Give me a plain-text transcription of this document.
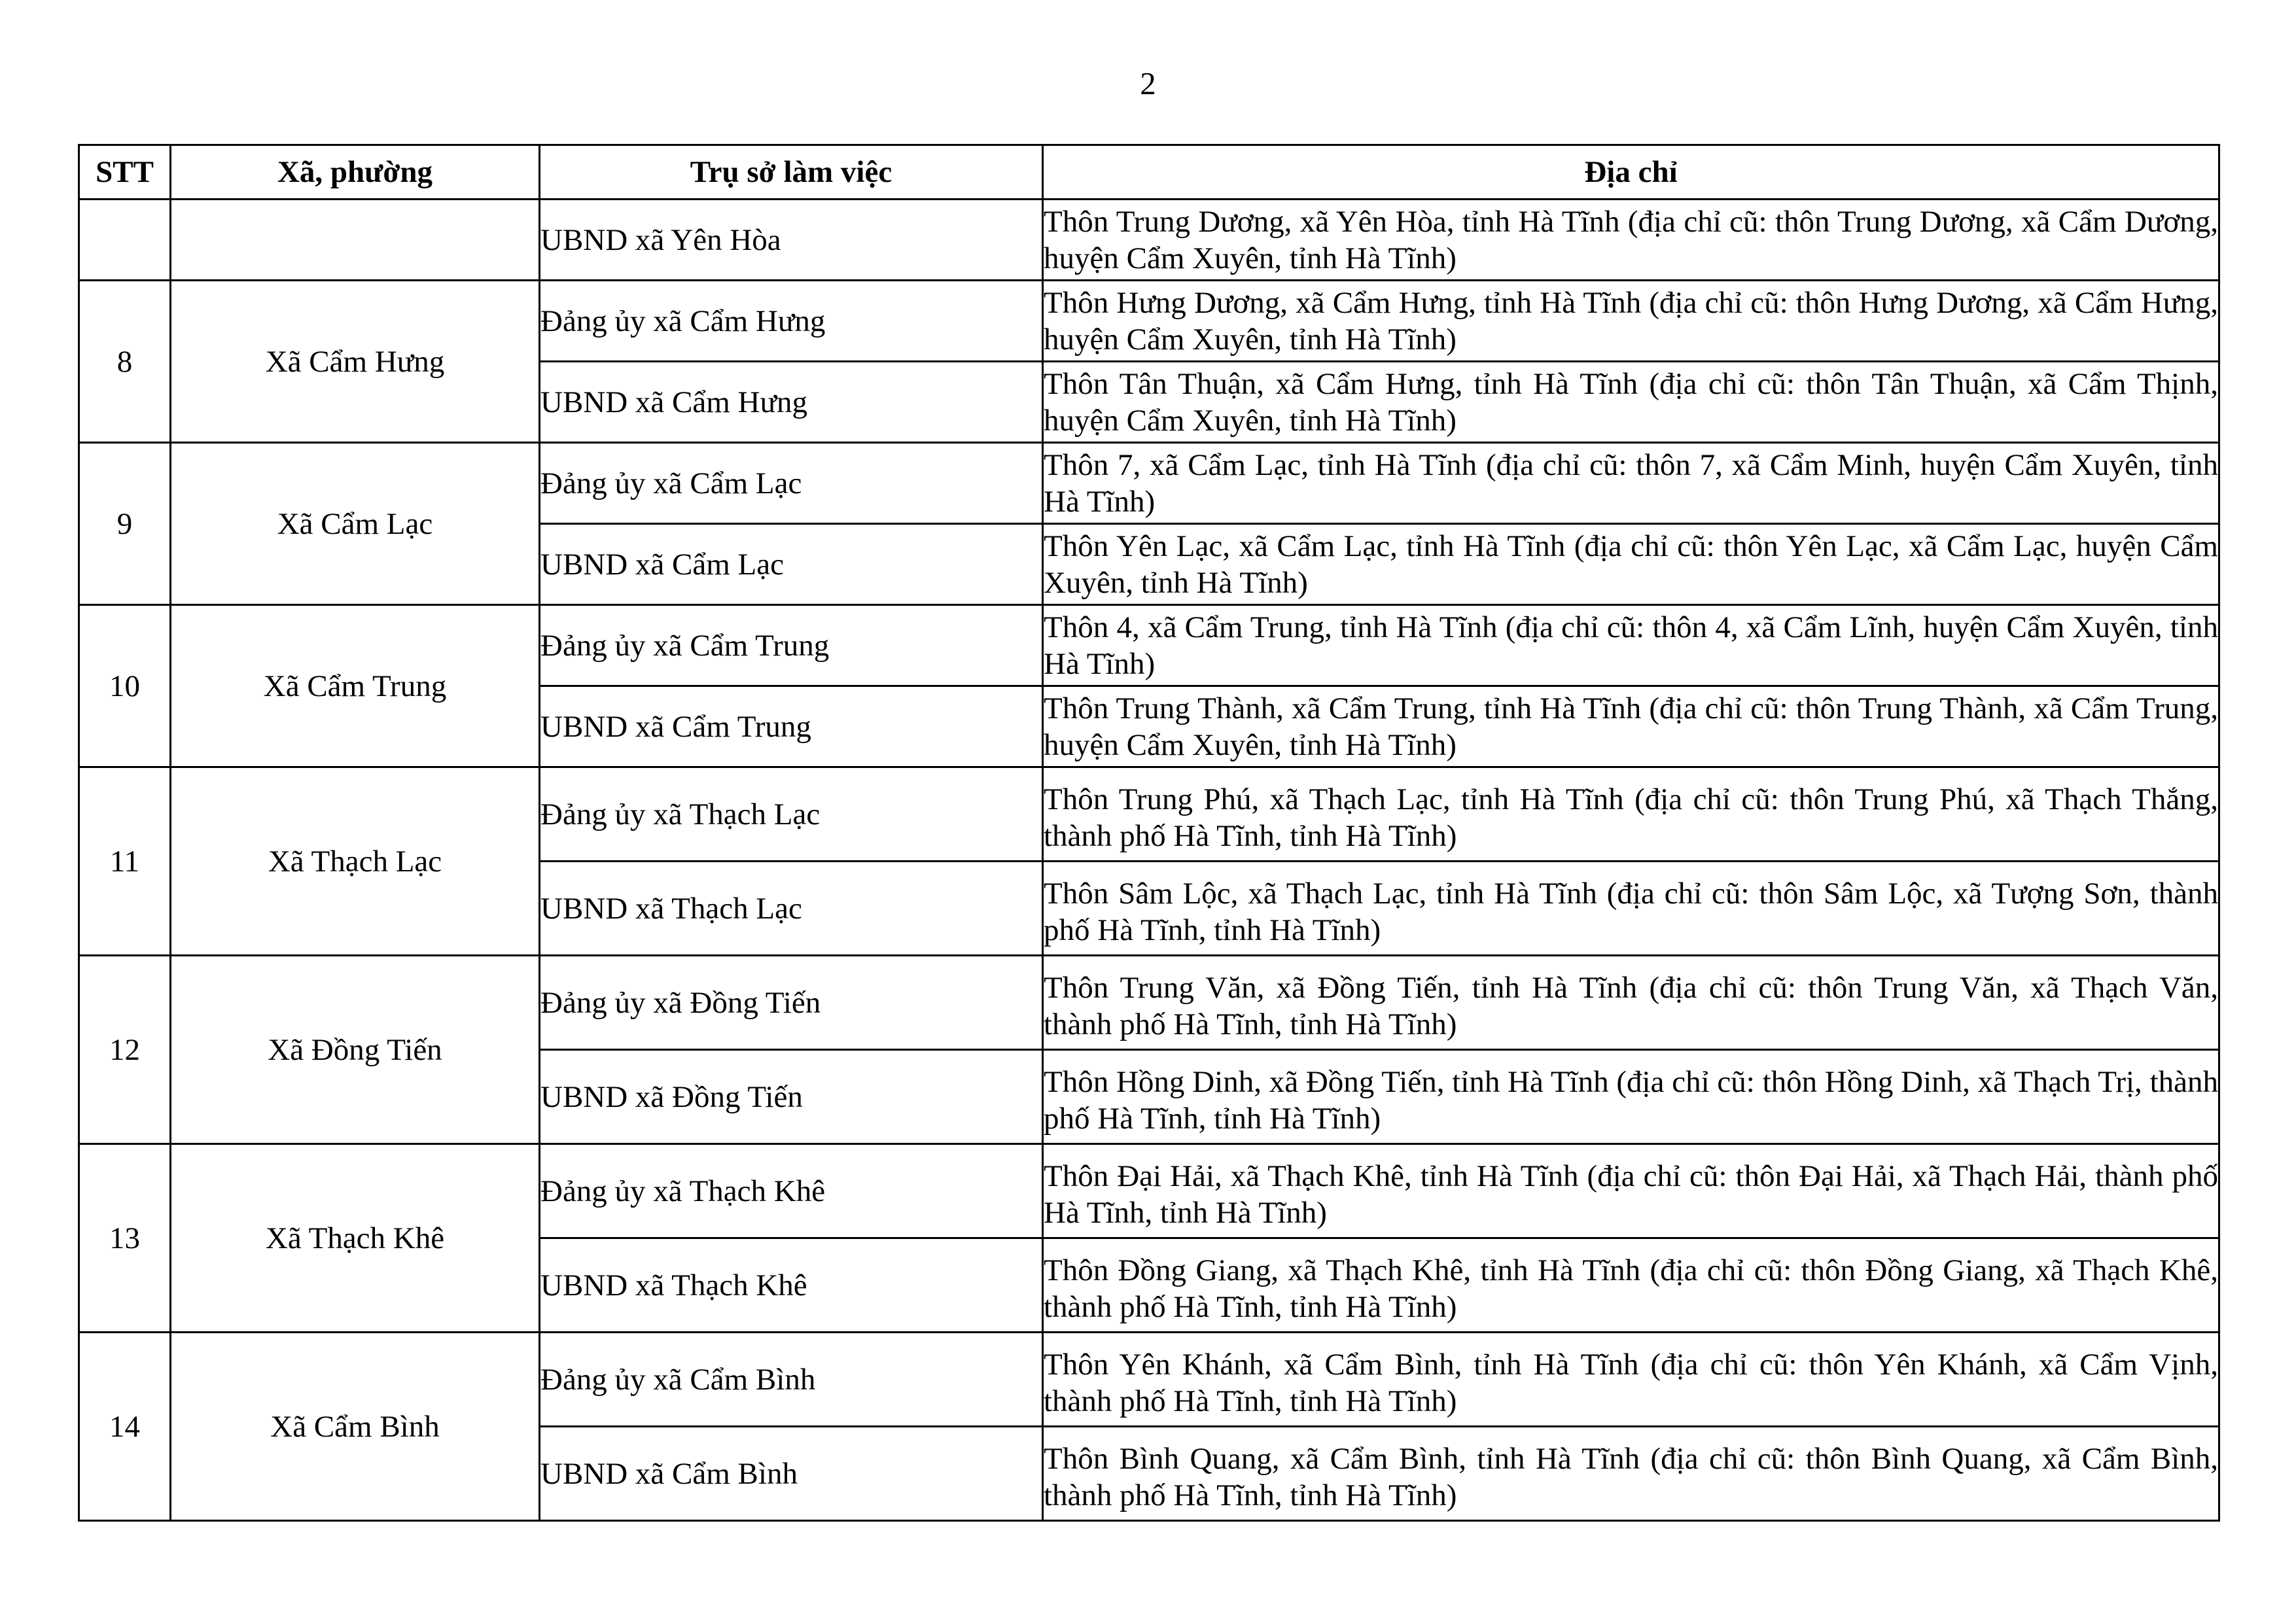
2
STT	Xã, phường	Trụ sở làm việc	Địa chỉ
		UBND xã Yên Hòa	Thôn Trung Dương, xã Yên Hòa, tỉnh Hà Tĩnh (địa chỉ cũ: thôn Trung Dương, xã Cẩm Dương, huyện Cẩm Xuyên, tỉnh Hà Tĩnh)
8	Xã Cẩm Hưng	Đảng ủy xã Cẩm Hưng	Thôn Hưng Dương, xã Cẩm Hưng, tỉnh Hà Tĩnh (địa chỉ cũ: thôn Hưng Dương, xã Cẩm Hưng, huyện Cẩm Xuyên, tỉnh Hà Tĩnh)
		UBND xã Cẩm Hưng	Thôn Tân Thuận, xã Cẩm Hưng, tỉnh Hà Tĩnh (địa chỉ cũ: thôn Tân Thuận, xã Cẩm Thịnh, huyện Cẩm Xuyên, tỉnh Hà Tĩnh)
9	Xã Cẩm Lạc	Đảng ủy xã Cẩm Lạc	Thôn 7, xã Cẩm Lạc, tỉnh Hà Tĩnh (địa chỉ cũ: thôn 7, xã Cẩm Minh, huyện Cẩm Xuyên, tỉnh Hà Tĩnh)
		UBND xã Cẩm Lạc	Thôn Yên Lạc, xã Cẩm Lạc, tỉnh Hà Tĩnh (địa chỉ cũ: thôn Yên Lạc, xã Cẩm Lạc, huyện Cẩm Xuyên, tỉnh Hà Tĩnh)
10	Xã Cẩm Trung	Đảng ủy xã Cẩm Trung	Thôn 4, xã Cẩm Trung, tỉnh Hà Tĩnh (địa chỉ cũ: thôn 4, xã Cẩm Lĩnh, huyện Cẩm Xuyên, tỉnh Hà Tĩnh)
		UBND xã Cẩm Trung	Thôn Trung Thành, xã Cẩm Trung, tỉnh Hà Tĩnh (địa chỉ cũ: thôn Trung Thành, xã Cẩm Trung, huyện Cẩm Xuyên, tỉnh Hà Tĩnh)
11	Xã Thạch Lạc	Đảng ủy xã Thạch Lạc	Thôn Trung Phú, xã Thạch Lạc, tỉnh Hà Tĩnh (địa chỉ cũ: thôn Trung Phú, xã Thạch Thắng, thành phố Hà Tĩnh, tỉnh Hà Tĩnh)
		UBND xã Thạch Lạc	Thôn Sâm Lộc, xã Thạch Lạc, tỉnh Hà Tĩnh (địa chỉ cũ: thôn Sâm Lộc, xã Tượng Sơn, thành phố Hà Tĩnh, tỉnh Hà Tĩnh)
12	Xã Đồng Tiến	Đảng ủy xã Đồng Tiến	Thôn Trung Văn, xã Đồng Tiến, tỉnh Hà Tĩnh (địa chỉ cũ: thôn Trung Văn, xã Thạch Văn, thành phố Hà Tĩnh, tỉnh Hà Tĩnh)
		UBND xã Đồng Tiến	Thôn Hồng Dinh, xã Đồng Tiến, tỉnh Hà Tĩnh (địa chỉ cũ: thôn Hồng Dinh, xã Thạch Trị, thành phố Hà Tĩnh, tỉnh Hà Tĩnh)
13	Xã Thạch Khê	Đảng ủy xã Thạch Khê	Thôn Đại Hải, xã Thạch Khê, tỉnh Hà Tĩnh (địa chỉ cũ: thôn Đại Hải, xã Thạch Hải, thành phố Hà Tĩnh, tỉnh Hà Tĩnh)
		UBND xã Thạch Khê	Thôn Đồng Giang, xã Thạch Khê, tỉnh Hà Tĩnh (địa chỉ cũ: thôn Đồng Giang, xã Thạch Khê, thành phố Hà Tĩnh, tỉnh Hà Tĩnh)
14	Xã Cẩm Bình	Đảng ủy xã Cẩm Bình	Thôn Yên Khánh, xã Cẩm Bình, tỉnh Hà Tĩnh (địa chỉ cũ: thôn Yên Khánh, xã Cẩm Vịnh, thành phố Hà Tĩnh, tỉnh Hà Tĩnh)
		UBND xã Cẩm Bình	Thôn Bình Quang, xã Cẩm Bình, tỉnh Hà Tĩnh (địa chỉ cũ: thôn Bình Quang, xã Cẩm Bình, thành phố Hà Tĩnh, tỉnh Hà Tĩnh)
